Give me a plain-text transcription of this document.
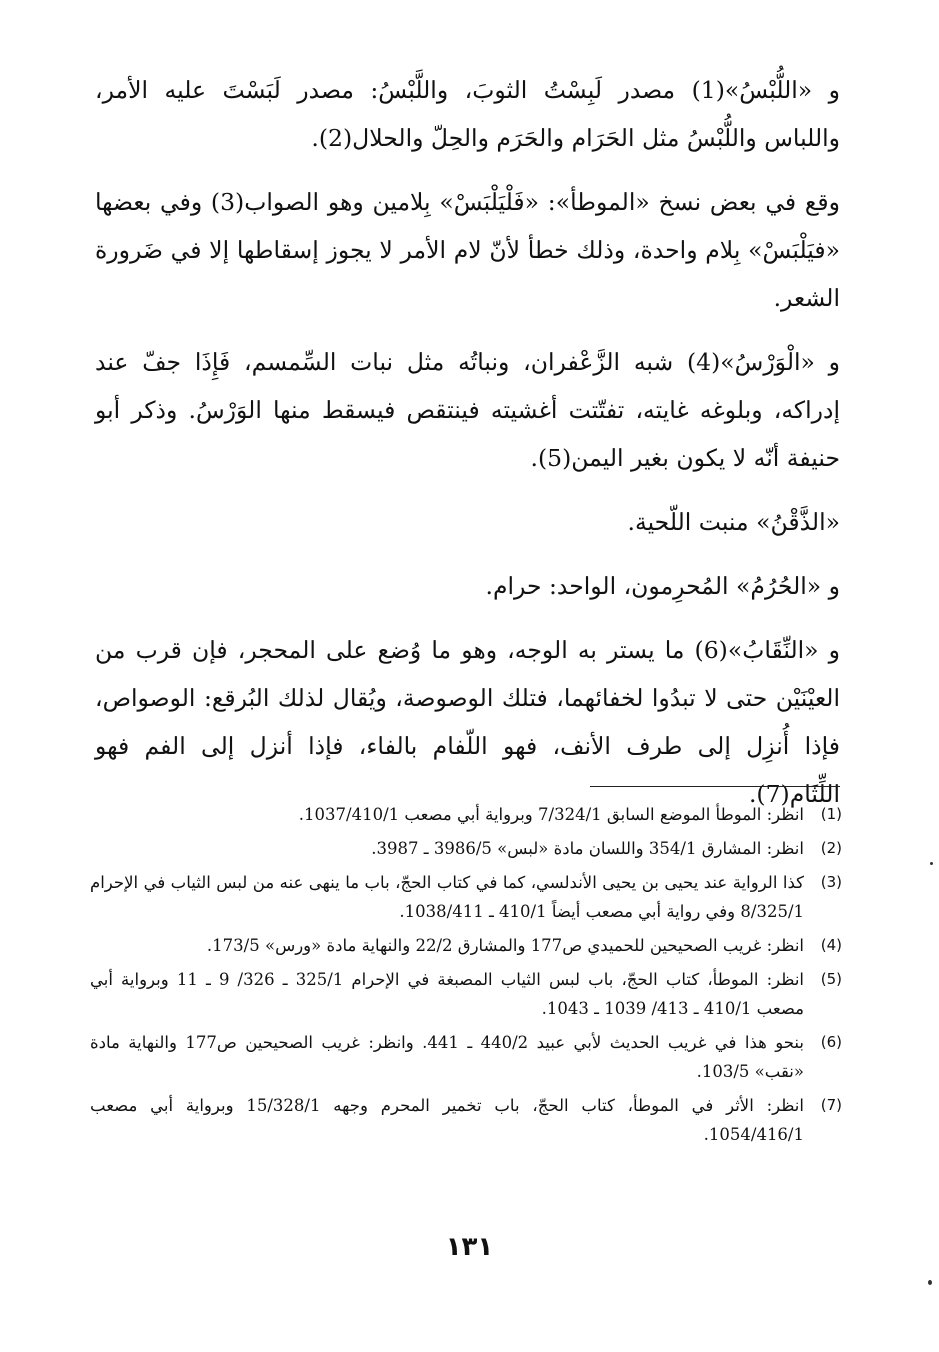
و «اللُّبْسُ»(1) مصدر لَبِسْتُ الثوبَ، واللَّبْسُ: مصدر لَبَسْتَ عليه الأمر، واللباس واللُّبْسُ مثل الحَرَام والحَرَم والحِلّ والحلال(2).

وقع في بعض نسخ «الموطأ»: «فَلْيَلْبَسْ» بِلامين وهو الصواب(3) وفي بعضها «فيَلْبَسْ» بِلام واحدة، وذلك خطأ لأنّ لام الأمر لا يجوز إسقاطها إلا في ضَرورة الشعر.

و «الْوَرْسُ»(4) شبه الزَّعْفران، ونباتُه مثل نبات السِّمسم، فَإِذَا جفّ عند إدراكه، وبلوغه غايته، تفتّتت أغشيته فينتقص فيسقط منها الوَرْسُ. وذكر أبو حنيفة أنّه لا يكون بغير اليمن(5).

«الذَّقْنُ» منبت اللّحية.

و «الحُرُمُ» المُحرِمون، الواحد: حرام.

و «النِّقَابُ»(6) ما يستر به الوجه، وهو ما وُضع على المحجر، فإن قرب من العيْنَيْن حتى لا تبدُوا لخفائهما، فتلك الوصوصة، ويُقال لذلك البُرقع: الوصواص، فإذا أُنزِل إلى طرف الأنف، فهو اللّفام بالفاء، فإذا أنزل إلى الفم فهو اللِّثَام(7).

(1)
انظر: الموطأ الموضع السابق 7/324/1 وبرواية أبي مصعب 1037/410/1.
(2)
انظر: المشارق 354/1 واللسان مادة «لبس» 3986/5 ـ 3987.
(3)
كذا الرواية عند يحيى بن يحيى الأندلسي، كما في كتاب الحجّ، باب ما ينهى عنه من لبس الثياب في الإحرام 8/325/1 وفي رواية أبي مصعب أيضاً 410/1 ـ 1038/411.
(4)
انظر: غريب الصحيحين للحميدي ص177 والمشارق 22/2 والنهاية مادة «ورس» 173/5.
(5)
انظر: الموطأ، كتاب الحجّ، باب لبس الثياب المصبغة في الإحرام 325/1 ـ 326/ 9 ـ 11 وبرواية أبي مصعب 410/1 ـ 413/ 1039 ـ 1043.
(6)
بنحو هذا في غريب الحديث لأبي عبيد 440/2 ـ 441. وانظر: غريب الصحيحين ص177 والنهاية مادة «نقب» 103/5.
(7)
انظر: الأثر في الموطأ، كتاب الحجّ، باب تخمير المحرم وجهه 15/328/1 وبرواية أبي مصعب 1054/416/1.
١٣١
